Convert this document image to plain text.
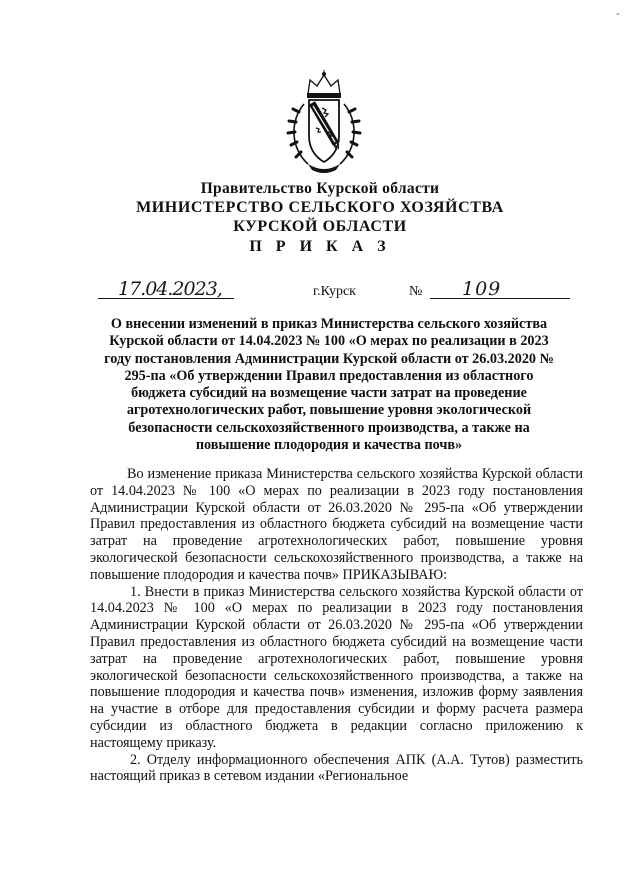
-
Правительство Курской области
МИНИСТЕРСТВО СЕЛЬСКОГО ХОЗЯЙСТВА
КУРСКОЙ ОБЛАСТИ
П Р И К А З
17.04.2023,	г.Курск	№ 109
О внесении изменений в приказ Министерства сельского хозяйства Курской области от 14.04.2023 № 100 «О мерах по реализации в 2023 году постановления Администрации Курской области от 26.03.2020 № 295-па «Об утверждении Правил предоставления из областного бюджета субсидий на возмещение части затрат на проведение агротехнологических работ, повышение уровня экологической безопасности сельскохозяйственного производства, а также на повышение плодородия и качества почв»

Во изменение приказа Министерства сельского хозяйства Курской области от 14.04.2023 № 100 «О мерах по реализации в 2023 году постановления Администрации Курской области от 26.03.2020 № 295-па «Об утверждении Правил предоставления из областного бюджета субсидий на возмещение части затрат на проведение агротехнологических работ, повышение уровня экологической безопасности сельскохозяйственного производства, а также на повышение плодородия и качества почв» ПРИКАЗЫВАЮ:

1. Внести в приказ Министерства сельского хозяйства Курской области от 14.04.2023 № 100 «О мерах по реализации в 2023 году постановления Администрации Курской области от 26.03.2020 № 295-па «Об утверждении Правил предоставления из областного бюджета субсидий на возмещение части затрат на проведение агротехнологических работ, повышение уровня экологической безопасности сельскохозяйственного производства, а также на повышение плодородия и качества почв» изменения, изложив форму заявления на участие в отборе для предоставления субсидии и форму расчета размера субсидии из областного бюджета в редакции согласно приложению к настоящему приказу.

2. Отделу информационного обеспечения АПК (А.А. Тутов) разместить настоящий приказ в сетевом издании «Региональное
